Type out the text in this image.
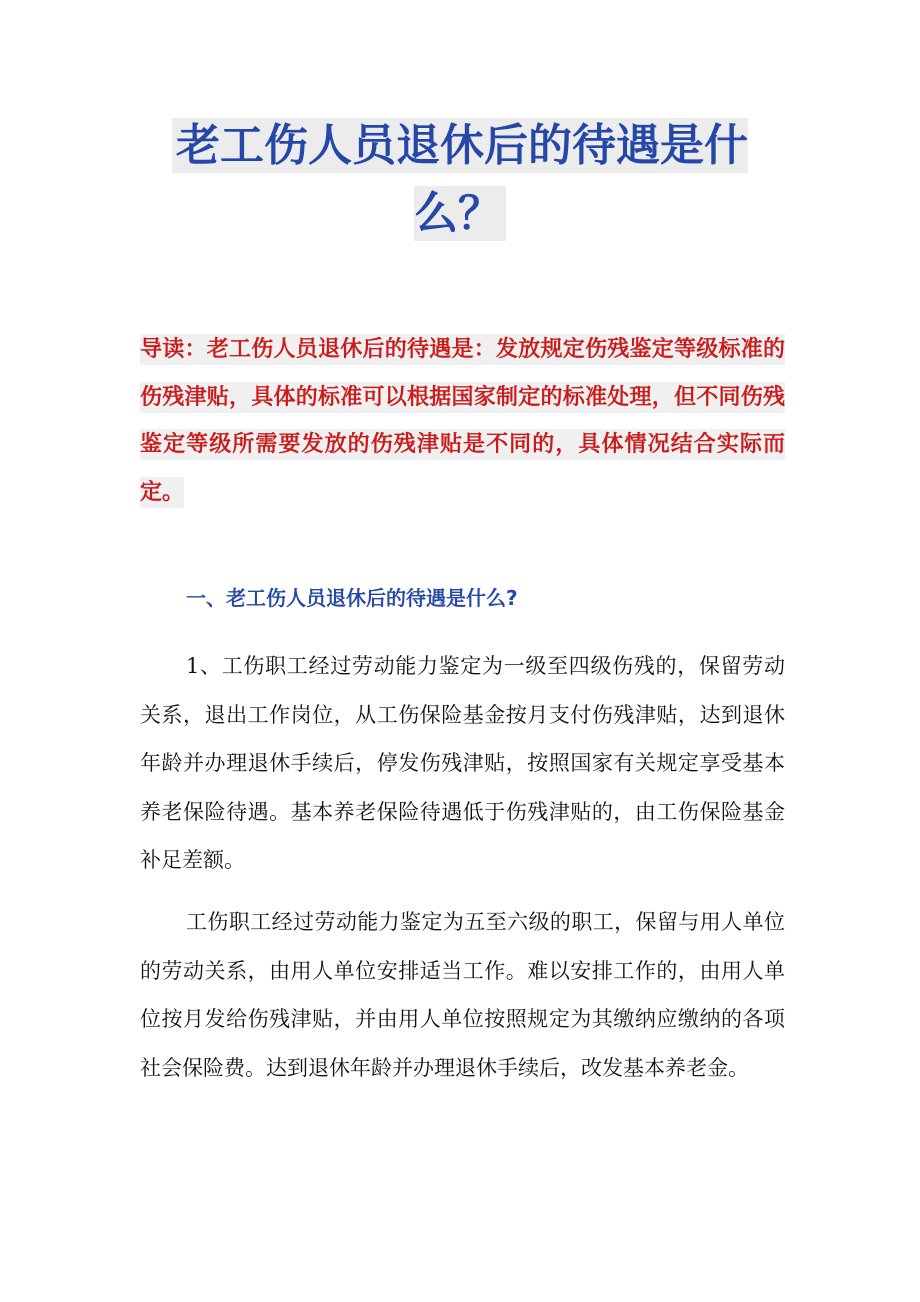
老工伤人员退休后的待遇是什么？
导读：老工伤人员退休后的待遇是：发放规定伤残鉴定等级标准的伤残津贴，具体的标准可以根据国家制定的标准处理，但不同伤残鉴定等级所需要发放的伤残津贴是不同的，具体情况结合实际而定。
一、老工伤人员退休后的待遇是什么?

1、工伤职工经过劳动能力鉴定为一级至四级伤残的，保留劳动关系，退出工作岗位，从工伤保险基金按月支付伤残津贴，达到退休年龄并办理退休手续后，停发伤残津贴，按照国家有关规定享受基本养老保险待遇。基本养老保险待遇低于伤残津贴的，由工伤保险基金补足差额。

工伤职工经过劳动能力鉴定为五至六级的职工，保留与用人单位的劳动关系，由用人单位安排适当工作。难以安排工作的，由用人单位按月发给伤残津贴，并由用人单位按照规定为其缴纳应缴纳的各项社会保险费。达到退休年龄并办理退休手续后，改发基本养老金。
